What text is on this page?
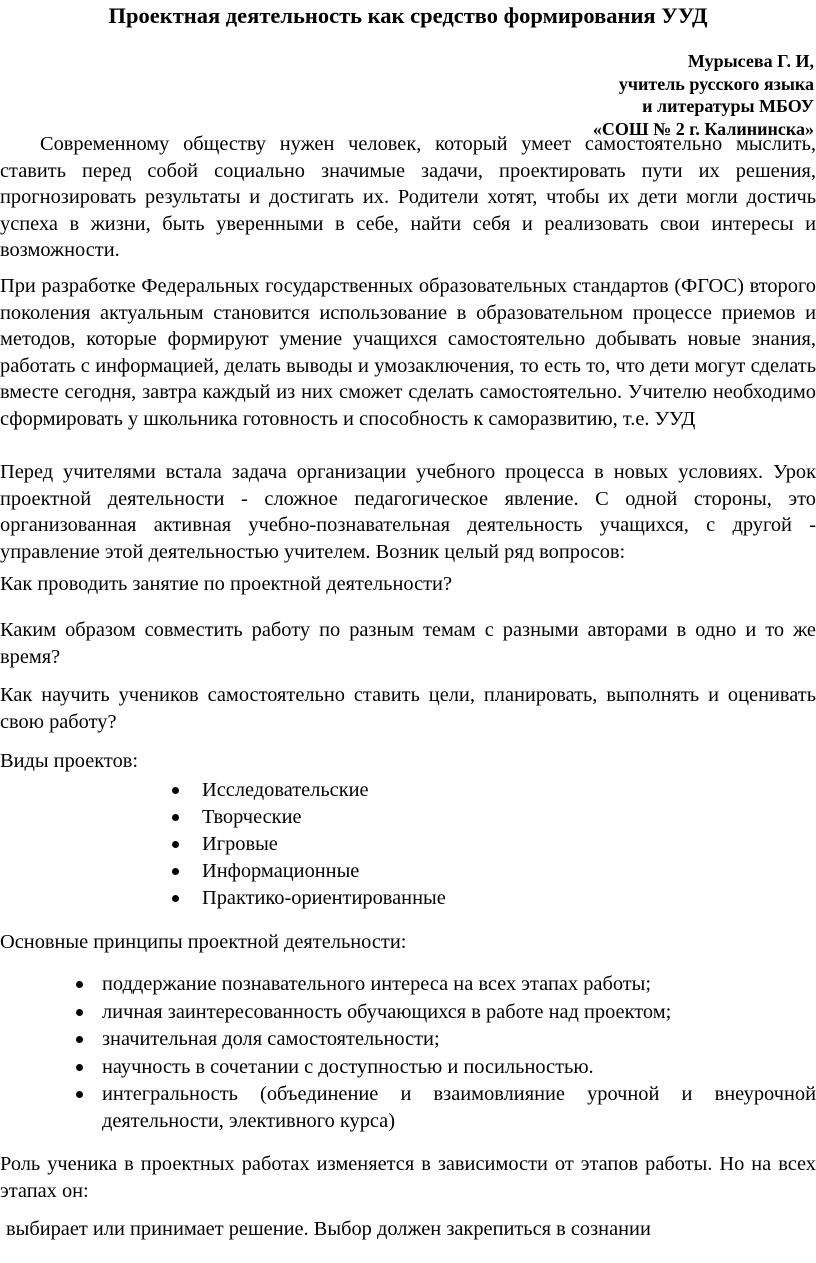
Проектная деятельность как средство формирования УУД
Мурысева Г. И,
учитель русского языка
и литературы МБОУ
«СОШ № 2 г. Калининска»

Современному обществу нужен человек, который умеет самостоятельно мыслить, ставить перед собой социально значимые задачи, проектировать пути их решения, прогнозировать результаты и достигать их. Родители хотят, чтобы их дети могли достичь успеха в жизни, быть уверенными в себе, найти себя и реализовать свои интересы и возможности.

При разработке Федеральных государственных образовательных стандартов (ФГОС) второго поколения актуальным становится использование в образовательном процессе приемов и методов, которые формируют умение учащихся самостоятельно добывать новые знания, работать с информацией, делать выводы и умозаключения, то есть то, что дети могут сделать вместе сегодня, завтра каждый из них сможет сделать самостоятельно. Учителю необходимо сформировать у школьника готовность и способность к саморазвитию, т.е. УУД

Перед учителями встала задача организации учебного процесса в новых условиях. Урок проектной деятельности - сложное педагогическое явление. С одной стороны, это организованная активная учебно-познавательная деятельность учащихся, с другой - управление этой деятельностью учителем. Возник целый ряд вопросов:

Как проводить занятие по проектной деятельности?

Каким образом совместить работу по разным темам с разными авторами в одно и то же время?

Как научить учеников самостоятельно ставить цели, планировать, выполнять и оценивать свою работу?

Виды проектов:

Исследовательские
Творческие
Игровые
Информационные
Практико-ориентированные

Основные принципы проектной деятельности:

поддержание познавательного интереса на всех этапах работы;
личная заинтересованность обучающихся в работе над проектом;
значительная доля самостоятельности;
научность в сочетании с доступностью и посильностью.
интегральность (объединение и взаимовлияние урочной и внеурочной деятельности, элективного курса)

Роль ученика в проектных работах изменяется в зависимости от этапов работы. Но на всех этапах он:

выбирает или принимает решение. Выбор должен закрепиться в сознании
